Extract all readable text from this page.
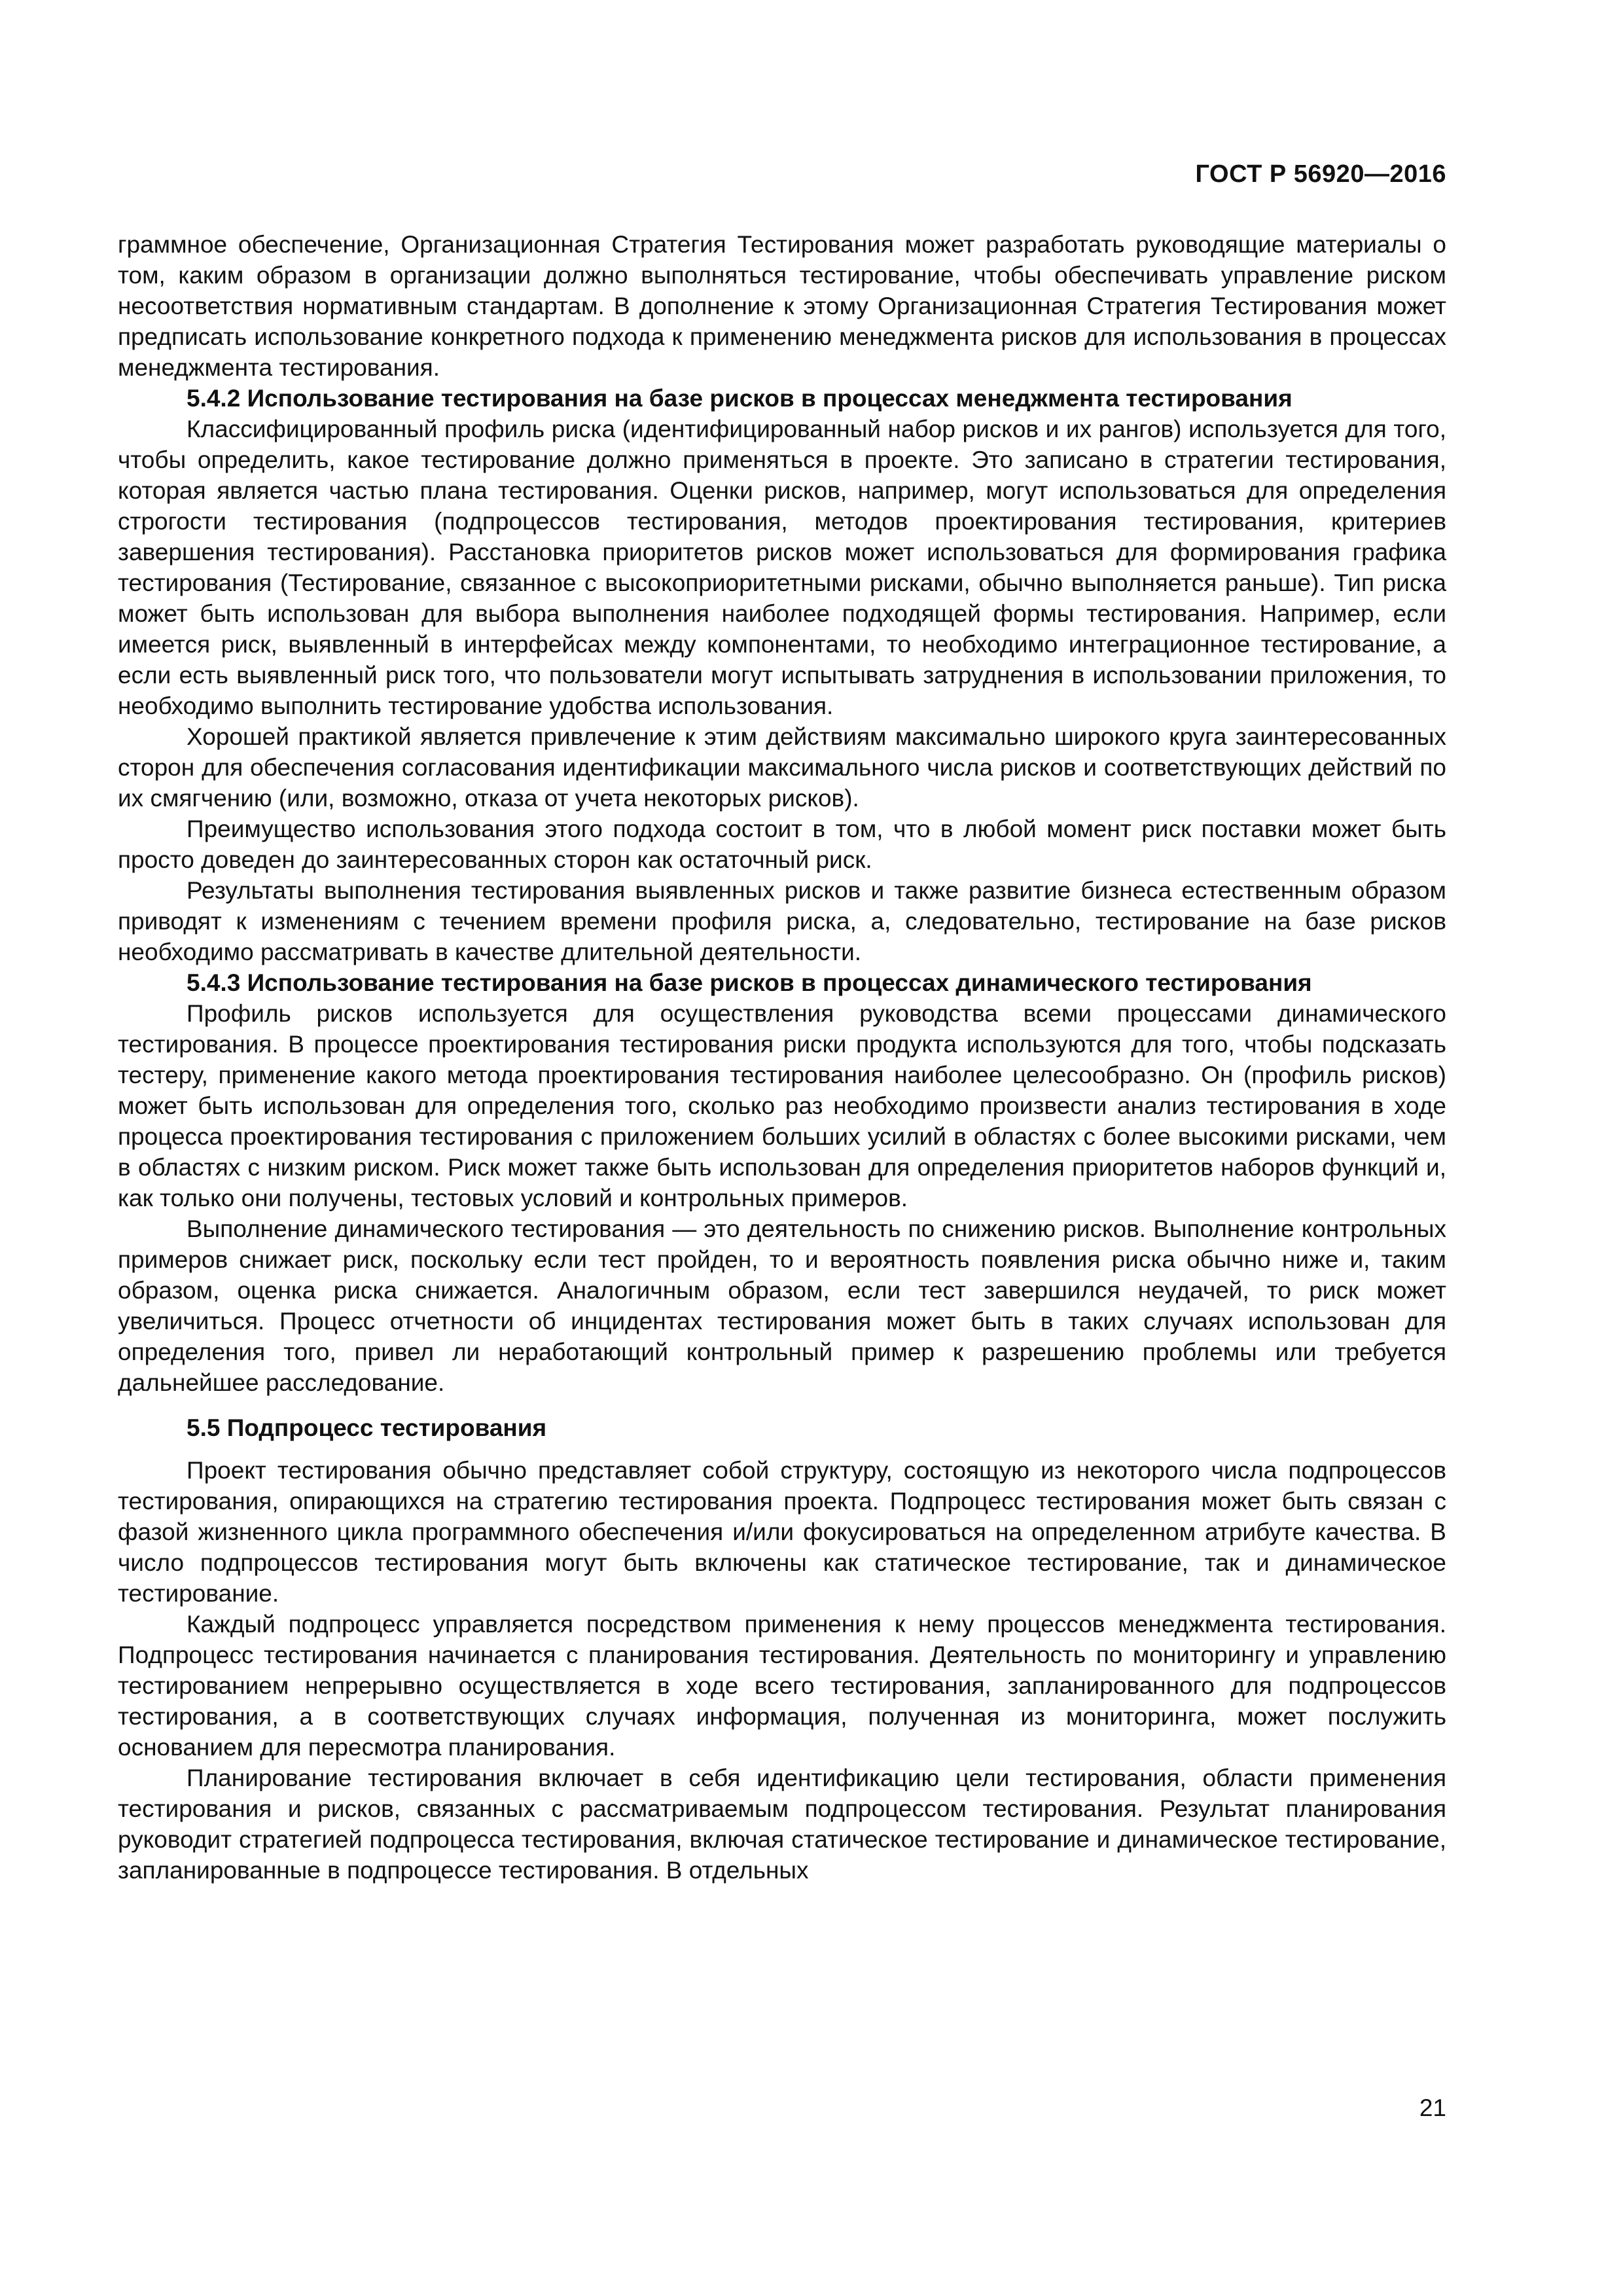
ГОСТ Р 56920—2016

граммное обеспечение, Организационная Стратегия Тестирования может разработать руководящие материалы о том, каким образом в организации должно выполняться тестирование, чтобы обеспечивать управление риском несоответствия нормативным стандартам. В дополнение к этому Организационная Стратегия Тестирования может предписать использование конкретного подхода к применению менеджмента рисков для использования в процессах менеджмента тестирования.

5.4.2 Использование тестирования на базе рисков в процессах менеджмента тестирования

Классифицированный профиль риска (идентифицированный набор рисков и их рангов) используется для того, чтобы определить, какое тестирование должно применяться в проекте. Это записано в стратегии тестирования, которая является частью плана тестирования. Оценки рисков, например, могут использоваться для определения строгости тестирования (подпроцессов тестирования, методов проектирования тестирования, критериев завершения тестирования). Расстановка приоритетов рисков может использоваться для формирования графика тестирования (Тестирование, связанное с высокоприоритетными рисками, обычно выполняется раньше). Тип риска может быть использован для выбора выполнения наиболее подходящей формы тестирования. Например, если имеется риск, выявленный в интерфейсах между компонентами, то необходимо интеграционное тестирование, а если есть выявленный риск того, что пользователи могут испытывать затруднения в использовании приложения, то необходимо выполнить тестирование удобства использования.

Хорошей практикой является привлечение к этим действиям максимально широкого круга заинтересованных сторон для обеспечения согласования идентификации максимального числа рисков и соответствующих действий по их смягчению (или, возможно, отказа от учета некоторых рисков).

Преимущество использования этого подхода состоит в том, что в любой момент риск поставки может быть просто доведен до заинтересованных сторон как остаточный риск.

Результаты выполнения тестирования выявленных рисков и также развитие бизнеса естественным образом приводят к изменениям с течением времени профиля риска, а, следовательно, тестирование на базе рисков необходимо рассматривать в качестве длительной деятельности.

5.4.3 Использование тестирования на базе рисков в процессах динамического тестирования

Профиль рисков используется для осуществления руководства всеми процессами динамического тестирования. В процессе проектирования тестирования риски продукта используются для того, чтобы подсказать тестеру, применение какого метода проектирования тестирования наиболее целесообразно. Он (профиль рисков) может быть использован для определения того, сколько раз необходимо произвести анализ тестирования в ходе процесса проектирования тестирования с приложением больших усилий в областях с более высокими рисками, чем в областях с низким риском. Риск может также быть использован для определения приоритетов наборов функций и, как только они получены, тестовых условий и контрольных примеров.

Выполнение динамического тестирования — это деятельность по снижению рисков. Выполнение контрольных примеров снижает риск, поскольку если тест пройден, то и вероятность появления риска обычно ниже и, таким образом, оценка риска снижается. Аналогичным образом, если тест завершился неудачей, то риск может увеличиться. Процесс отчетности об инцидентах тестирования может быть в таких случаях использован для определения того, привел ли неработающий контрольный пример к разрешению проблемы или требуется дальнейшее расследование.

5.5 Подпроцесс тестирования

Проект тестирования обычно представляет собой структуру, состоящую из некоторого числа подпроцессов тестирования, опирающихся на стратегию тестирования проекта. Подпроцесс тестирования может быть связан с фазой жизненного цикла программного обеспечения и/или фокусироваться на определенном атрибуте качества. В число подпроцессов тестирования могут быть включены как статическое тестирование, так и динамическое тестирование.

Каждый подпроцесс управляется посредством применения к нему процессов менеджмента тестирования. Подпроцесс тестирования начинается с планирования тестирования. Деятельность по мониторингу и управлению тестированием непрерывно осуществляется в ходе всего тестирования, запланированного для подпроцессов тестирования, а в соответствующих случаях информация, полученная из мониторинга, может послужить основанием для пересмотра планирования.

Планирование тестирования включает в себя идентификацию цели тестирования, области применения тестирования и рисков, связанных с рассматриваемым подпроцессом тестирования. Результат планирования руководит стратегией подпроцесса тестирования, включая статическое тестирование и динамическое тестирование, запланированные в подпроцессе тестирования. В отдельных

21
